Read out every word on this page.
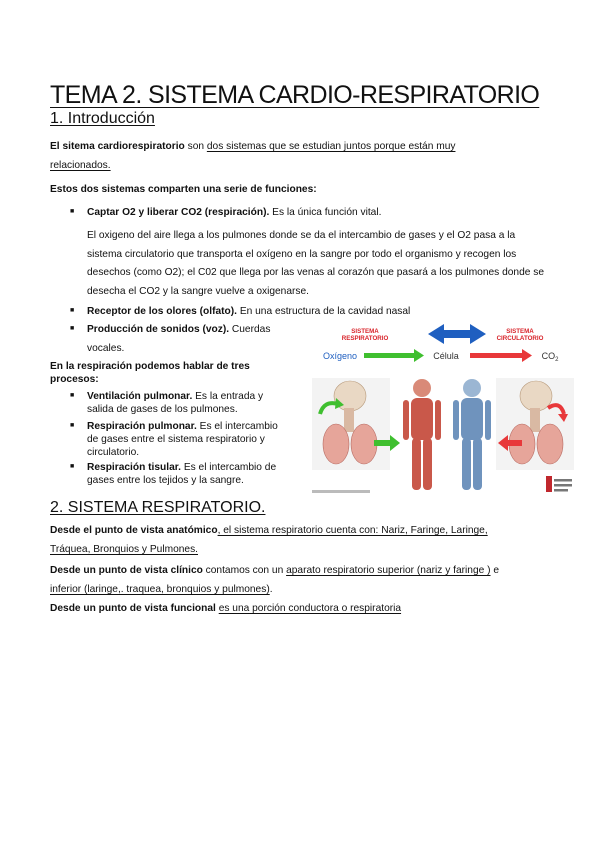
TEMA 2. SISTEMA CARDIO-RESPIRATORIO
1. Introducción
El sitema cardiorespiratorio son dos sistemas que se estudian juntos porque están muy
relacionados.
Estos dos sistemas comparten una serie de funciones:
■ Captar O2 y liberar CO2 (respiración). Es la única función vital.
El oxigeno del aire llega a los pulmones donde se da el intercambio de gases y el O2 pasa a la sistema circulatorio que transporta el oxígeno en la sangre por todo el organismo y recogen los desechos (como O2); el C02 que llega por las venas al corazón que pasará a los pulmones donde se desecha el CO2 y la sangre vuelve a oxigenarse.
■ Receptor de los olores (olfato). En una estructura de la cavidad nasal
■ Producción de sonidos (voz). Cuerdas
vocales.
En la respiración podemos hablar de tres procesos:
■ Ventilación pulmonar. Es la entrada y salida de gases de los pulmones.
■ Respiración pulmonar. Es el intercambio de gases entre el sistema respiratorio y circulatorio.
■ Respiración tisular. Es el intercambio de gases entre los tejidos y la sangre.
SISTEMA
RESPIRATORIO
SISTEMA
CIRCULATORIO
Oxígeno	Célula	$CO_2$
2. SISTEMA RESPIRATORIO.
Desde el punto de vista anatómico, el sistema respiratorio cuenta con: Nariz, Faringe, Laringe,
Tráquea, Bronquios y Pulmones.
Desde un punto de vista clínico contamos con un aparato respiratorio superior (nariz y faringe ) e
inferior (laringe,. traquea, bronquios y pulmones).
Desde un punto de vista funcional es una porción conductora o respiratoria
